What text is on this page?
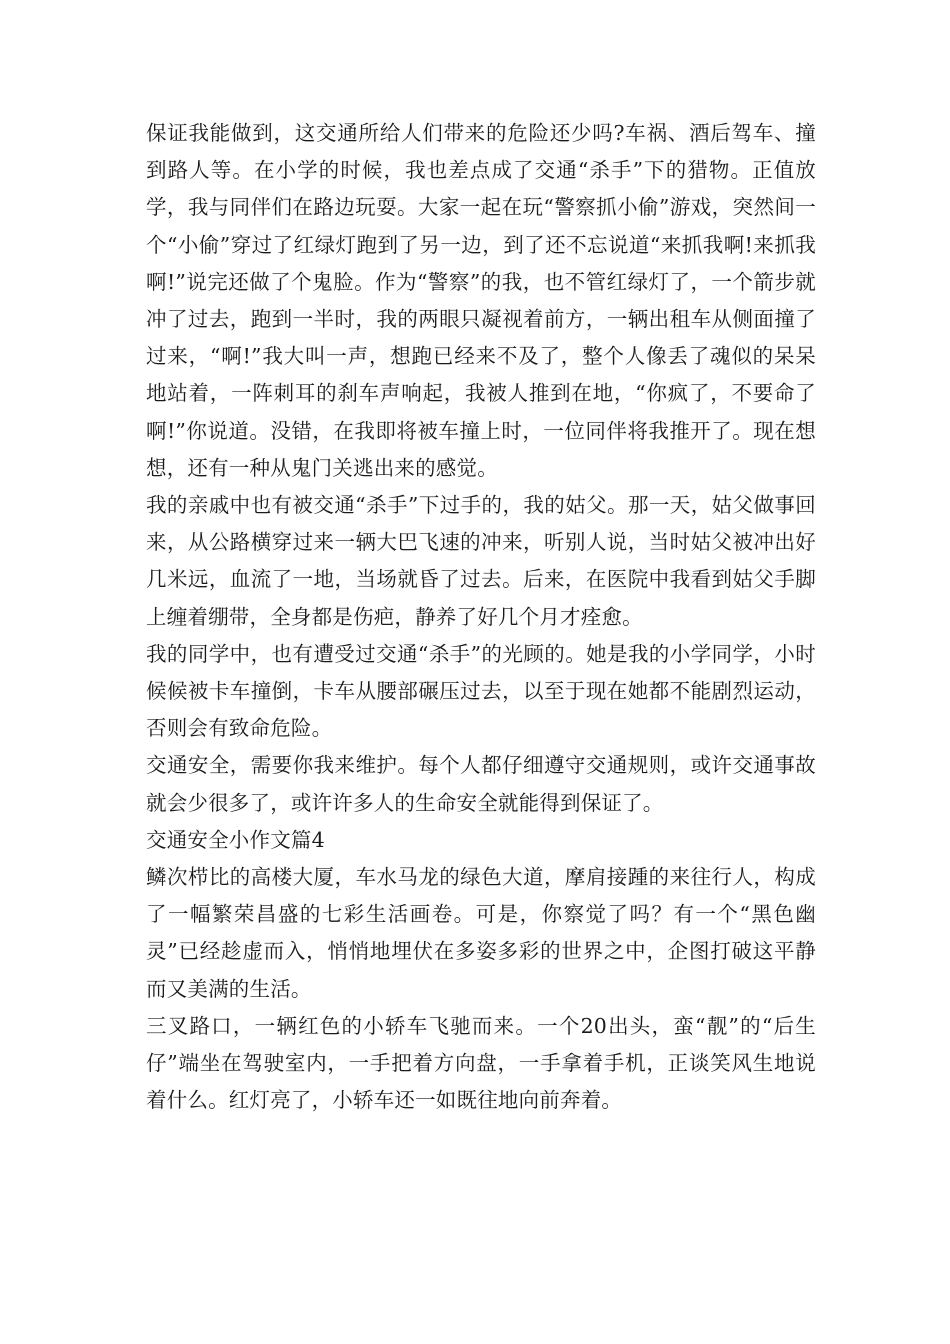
保证我能做到，这交通所给人们带来的危险还少吗?车祸、酒后驾车、撞到路人等。在小学的时候，我也差点成了交通“杀手”下的猎物。正值放学，我与同伴们在路边玩耍。大家一起在玩“警察抓小偷”游戏，突然间一个“小偷”穿过了红绿灯跑到了另一边，到了还不忘说道“来抓我啊!来抓我啊!”说完还做了个鬼脸。作为“警察”的我，也不管红绿灯了，一个箭步就冲了过去，跑到一半时，我的两眼只凝视着前方，一辆出租车从侧面撞了过来，“啊!”我大叫一声，想跑已经来不及了，整个人像丢了魂似的呆呆地站着，一阵刺耳的刹车声响起，我被人推到在地，“你疯了，不要命了啊!”你说道。没错，在我即将被车撞上时，一位同伴将我推开了。现在想想，还有一种从鬼门关逃出来的感觉。

我的亲戚中也有被交通“杀手”下过手的，我的姑父。那一天，姑父做事回来，从公路横穿过来一辆大巴飞速的冲来，听别人说，当时姑父被冲出好几米远，血流了一地，当场就昏了过去。后来，在医院中我看到姑父手脚上缠着绷带，全身都是伤疤，静养了好几个月才痊愈。

我的同学中，也有遭受过交通“杀手”的光顾的。她是我的小学同学，小时候候被卡车撞倒，卡车从腰部碾压过去，以至于现在她都不能剧烈运动，否则会有致命危险。

交通安全，需要你我来维护。每个人都仔细遵守交通规则，或许交通事故就会少很多了，或许许多人的生命安全就能得到保证了。

交通安全小作文篇4

鳞次栉比的高楼大厦，车水马龙的绿色大道，摩肩接踵的来往行人，构成了一幅繁荣昌盛的七彩生活画卷。可是，你察觉了吗？有一个“黑色幽灵”已经趁虚而入，悄悄地埋伏在多姿多彩的世界之中，企图打破这平静而又美满的生活。

三叉路口，一辆红色的小轿车飞驰而来。一个20出头，蛮“靓”的“后生仔”端坐在驾驶室内，一手把着方向盘，一手拿着手机，正谈笑风生地说着什么。红灯亮了，小轿车还一如既往地向前奔着。
